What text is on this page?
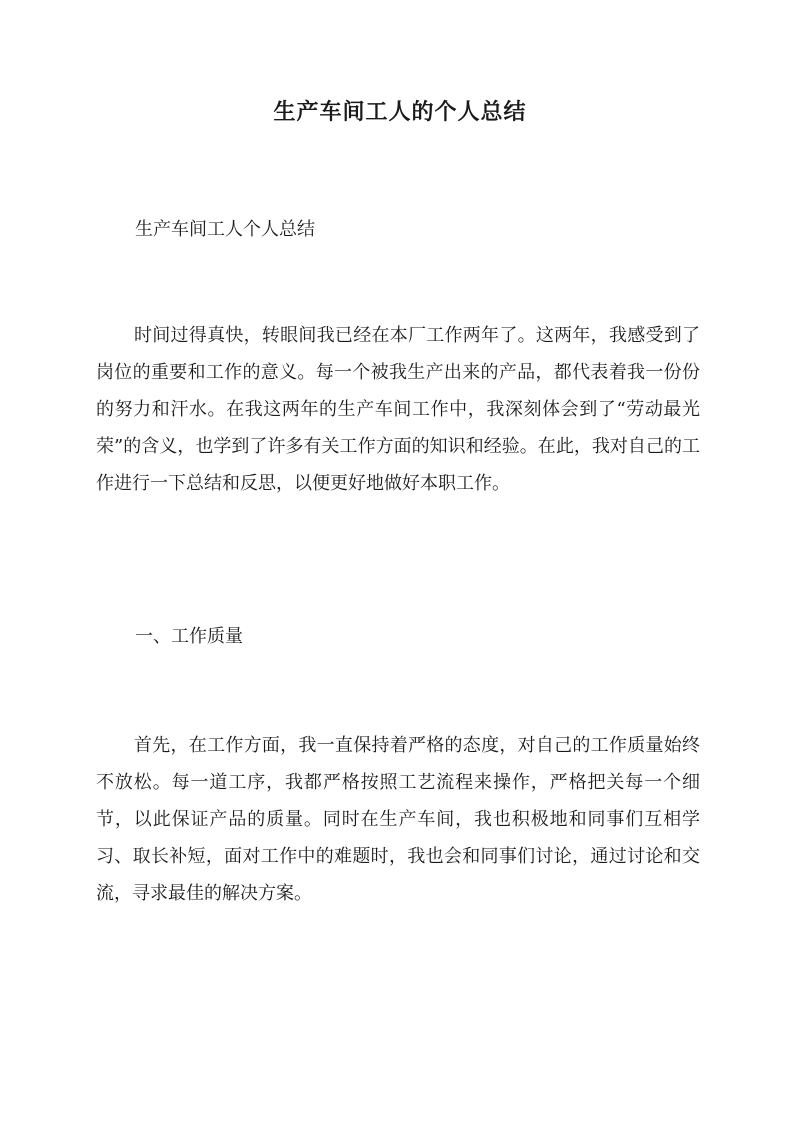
生产车间工人的个人总结
生产车间工人个人总结
时间过得真快，转眼间我已经在本厂工作两年了。这两年，我感受到了岗位的重要和工作的意义。每一个被我生产出来的产品，都代表着我一份份的努力和汗水。在我这两年的生产车间工作中，我深刻体会到了“劳动最光荣”的含义，也学到了许多有关工作方面的知识和经验。在此，我对自己的工作进行一下总结和反思，以便更好地做好本职工作。
一、工作质量
首先，在工作方面，我一直保持着严格的态度，对自己的工作质量始终不放松。每一道工序，我都严格按照工艺流程来操作，严格把关每一个细节，以此保证产品的质量。同时在生产车间，我也积极地和同事们互相学习、取长补短，面对工作中的难题时，我也会和同事们讨论，通过讨论和交流，寻求最佳的解决方案。
